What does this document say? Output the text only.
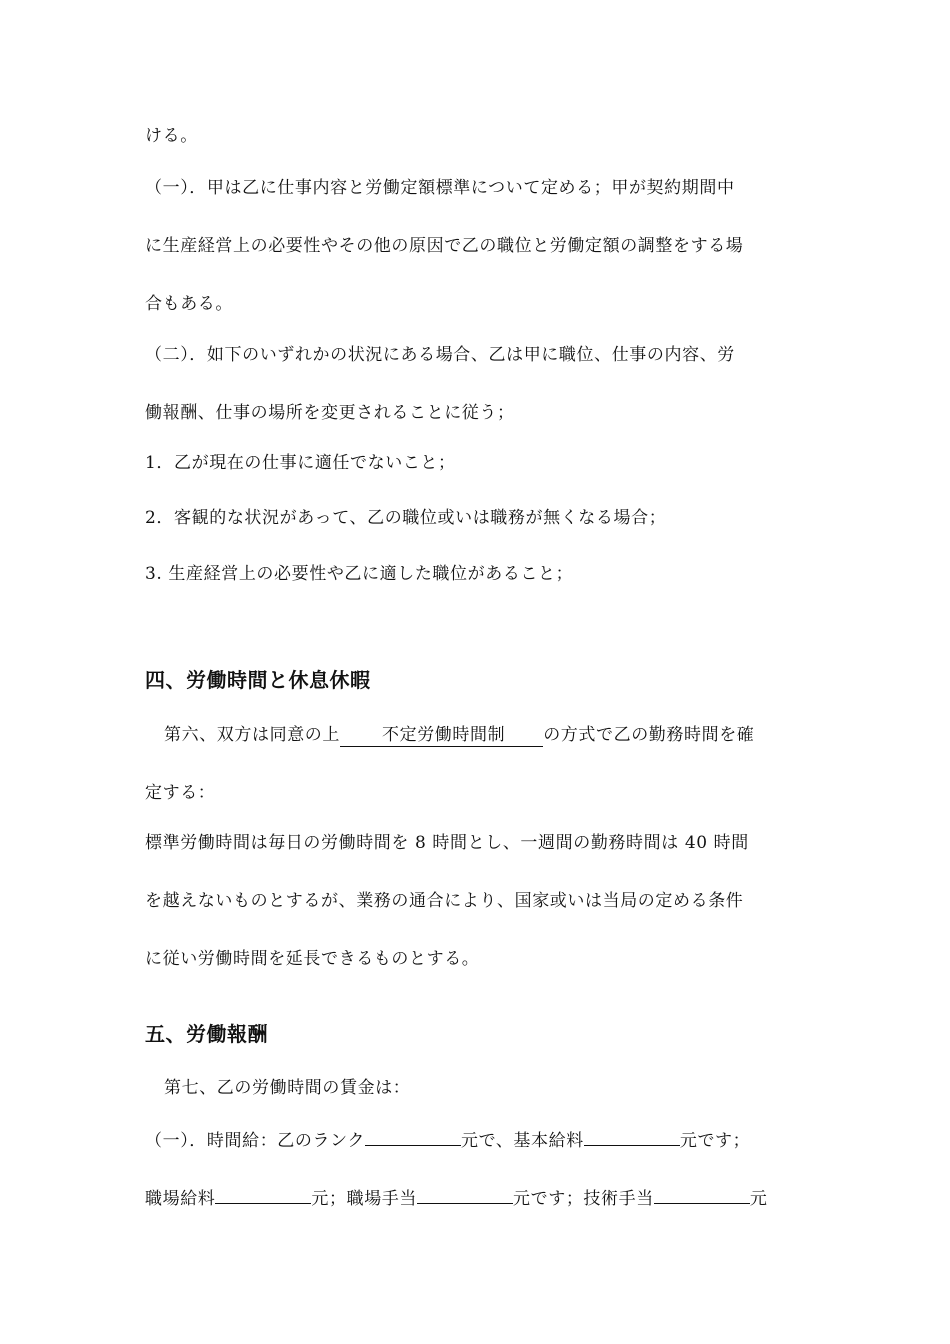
ける。
（一）．甲は乙に仕事内容と労働定額標準について定める；甲が契約期間中
に生産経営上の必要性やその他の原因で乙の職位と労働定額の調整をする場
合もある。
（二）．如下のいずれかの状況にある場合、乙は甲に職位、仕事の内容、労
働報酬、仕事の場所を変更されることに従う；
1．乙が現在の仕事に適任でないこと；
2．客観的な状況があって、乙の職位或いは職務が無くなる場合；
3. 生産経営上の必要性や乙に適した職位があること；
四、労働時間と休息休暇
第六、双方は同意の上 不定労働時間制 の方式で乙の勤務時間を確
定する：
標準労働時間は毎日の労働時間を 8 時間とし、一週間の勤務時間は 40 時間
を越えないものとするが、業務の通合により、国家或いは当局の定める条件
に従い労働時間を延長できるものとする。
五、労働報酬
第七、乙の労働時間の賃金は：
（一）．時間給：乙のランク	元で、基本給料	元です；
職場給料	元；職場手当	元です；技術手当	元
